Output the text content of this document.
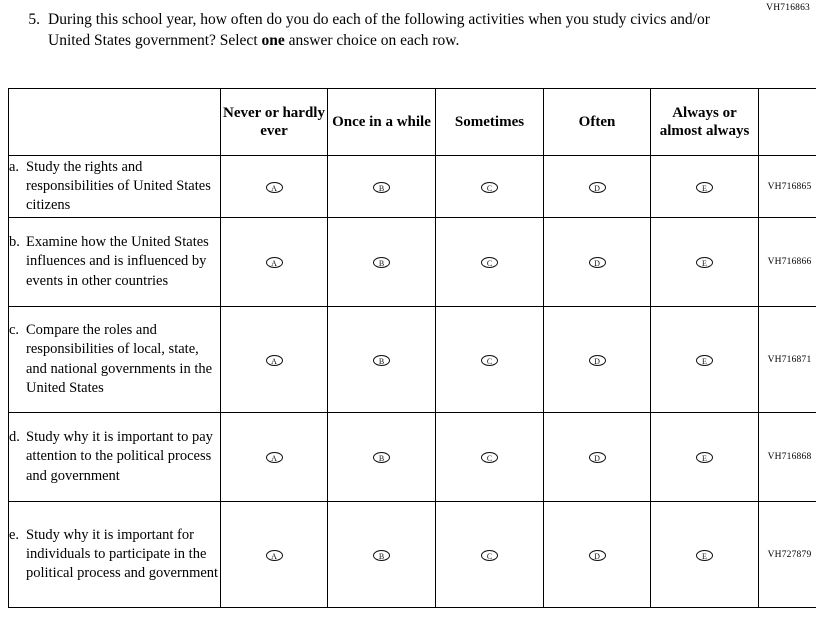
VH716863
5. During this school year, how often do you do each of the following activities when you study civics and/or United States government? Select one answer choice on each row.
	Never or hardly ever	Once in a while	Sometimes	Often	Always or almost always	

a. Study the rights and responsibilities of United States citizens	A	B	C	D	E	VH716865

b. Examine how the United States influences and is influenced by events in other countries	A	B	C	D	E	VH716866

c. Compare the roles and responsibilities of local, state, and national governments in the United States	A	B	C	D	E	VH716871

d. Study why it is important to pay attention to the political process and government	A	B	C	D	E	VH716868

e. Study why it is important for individuals to participate in the political process and government	A	B	C	D	E	VH727879
